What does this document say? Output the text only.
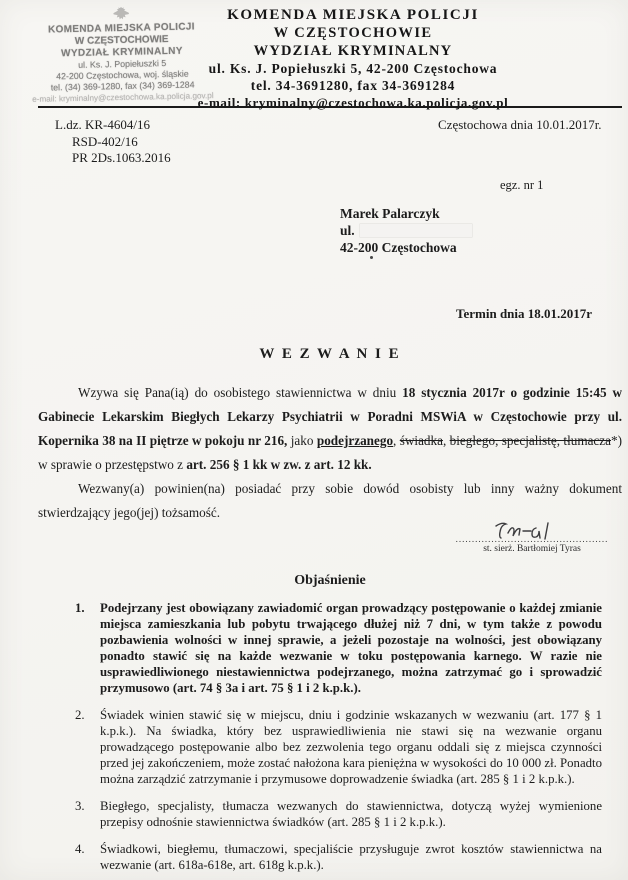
KOMENDA MIEJSKA POLICJI
W CZĘSTOCHOWIE
WYDZIAŁ KRYMINALNY
ul. Ks. J. Popiełuszki 5
42-200 Częstochowa, woj. śląskie
tel. (34) 369-1280, fax (34) 369-1284
e-mail: kryminalny@czestochowa.ka.policja.gov.pl
KOMENDA MIEJSKA POLICJI
W CZĘSTOCHOWIE
WYDZIAŁ KRYMINALNY
ul. Ks. J. Popiełuszki 5, 42-200 Częstochowa
tel. 34-3691280, fax 34-3691284
e-mail: kryminalny@czestochowa.ka.policja.gov.pl
L.dz. KR-4604/16
RSD-402/16
PR 2Ds.1063.2016
Częstochowa dnia 10.01.2017r.
egz. nr 1
Marek Palarczyk
ul.
42-200 Częstochowa
Termin dnia 18.01.2017r
W E Z W A N I E

Wzywa się Pana(ią) do osobistego stawiennictwa w dniu 18 stycznia 2017r o godzinie 15:45 w Gabinecie Lekarskim Biegłych Lekarzy Psychiatrii w Poradni MSWiA w Częstochowie przy ul. Kopernika 38 na II piętrze w pokoju nr 216, jako podejrzanego, świadka, biegłego, specjalistę, tłumacza*) w sprawie o przestępstwo z art. 256 § 1 kk w zw. z art. 12 kk.

Wezwany(a) powinien(na) posiadać przy sobie dowód osobisty lub inny ważny dokument stwierdzający jego(jej) tożsamość.

Objaśnienie
...............................................
st. sierż. Bartłomiej Tyras
1.	Podejrzany jest obowiązany zawiadomić organ prowadzący postępowanie o każdej zmianie miejsca zamieszkania lub pobytu trwającego dłużej niż 7 dni, w tym także z powodu pozbawienia wolności w innej sprawie, a jeżeli pozostaje na wolności, jest obowiązany ponadto stawić się na każde wezwanie w toku postępowania karnego. W razie nie usprawiedliwionego niestawiennictwa podejrzanego, można zatrzymać go i sprowadzić przymusowo (art. 74 § 3a i art. 75 § 1 i 2 k.p.k.).
2.	Świadek winien stawić się w miejscu, dniu i godzinie wskazanych w wezwaniu (art. 177 § 1 k.p.k.). Na świadka, który bez usprawiedliwienia nie stawi się na wezwanie organu prowadzącego postępowanie albo bez zezwolenia tego organu oddali się z miejsca czynności przed jej zakończeniem, może zostać nałożona kara pieniężna w wysokości do 10 000 zł. Ponadto można zarządzić zatrzymanie i przymusowe doprowadzenie świadka (art. 285 § 1 i 2 k.p.k.).
3.	Biegłego, specjalisty, tłumacza wezwanych do stawiennictwa, dotyczą wyżej wymienione przepisy odnośnie stawiennictwa świadków (art. 285 § 1 i 2 k.p.k.).
4.	Świadkowi, biegłemu, tłumaczowi, specjaliście przysługuje zwrot kosztów stawiennictwa na wezwanie (art. 618a-618e, art. 618g k.p.k.).
